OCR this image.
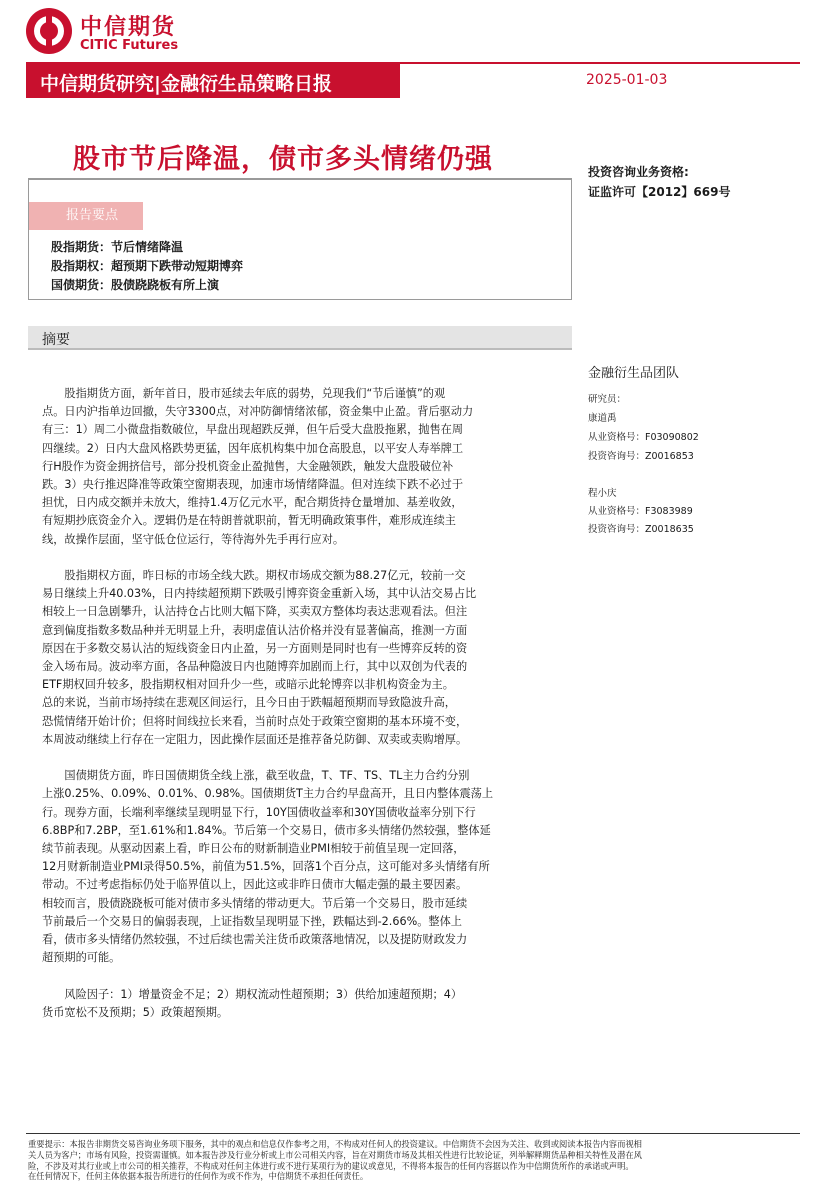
中信期货
CITIC Futures
中信期货研究|金融衍生品策略日报	2025-01-03
股市节后降温，债市多头情绪仍强	投资咨询业务资格:
证监许可【2012】669号
报告要点
股指期货：节后情绪降温
股指期权：超预期下跌带动短期博弈
国债期货：股债跷跷板有所上演
摘要
金融衍生品团队
研究员：
康道禹
从业资格号：F03090802
投资咨询号：Z0016853
程小庆
从业资格号：F3083989
投资咨询号：Z0018635
　　股指期货方面，新年首日，股市延续去年底的弱势，兑现我们“节后谨慎”的观
点。日内沪指单边回撤，失守3300点，对冲防御情绪浓郁，资金集中止盈。背后驱动力
有三：1）周二小微盘指数破位，早盘出现超跌反弹，但午后受大盘股拖累，抛售在周
四继续。2）日内大盘风格跌势更猛，因年底机构集中加仓高股息，以平安人寿举牌工
行H股作为资金拥挤信号，部分投机资金止盈抛售，大金融领跌，触发大盘股破位补
跌。3）央行推迟降准等政策空窗期表现，加速市场情绪降温。但对连续下跌不必过于
担忧，日内成交额并未放大，维持1.4万亿元水平，配合期货持仓量增加、基差收敛，
有短期抄底资金介入。逻辑仍是在特朗普就职前，暂无明确政策事件，难形成连续主
线，故操作层面，坚守低仓位运行，等待海外先手再行应对。
　　股指期权方面，昨日标的市场全线大跌。期权市场成交额为88.27亿元，较前一交
易日继续上升40.03%，日内持续超预期下跌吸引博弈资金重新入场，其中认沽交易占比
相较上一日急剧攀升，认沽持仓占比则大幅下降，买卖双方整体均表达悲观看法。但注
意到偏度指数多数品种并无明显上升，表明虚值认沽价格并没有显著偏高，推测一方面
原因在于多数交易认沽的短线资金日内止盈，另一方面则是同时也有一些博弈反转的资
金入场布局。波动率方面，各品种隐波日内也随博弈加剧而上行，其中以双创为代表的
ETF期权回升较多，股指期权相对回升少一些，或暗示此轮博弈以非机构资金为主。
总的来说，当前市场持续在悲观区间运行，且今日由于跌幅超预期而导致隐波升高，
恐慌情绪开始计价；但将时间线拉长来看，当前时点处于政策空窗期的基本环境不变，
本周波动继续上行存在一定阻力，因此操作层面还是推荐备兑防御、双卖或卖购增厚。
　　国债期货方面，昨日国债期货全线上涨，截至收盘，T、TF、TS、TL主力合约分别
上涨0.25%、0.09%、0.01%、0.98%。国债期货T主力合约早盘高开，且日内整体震荡上
行。现券方面，长端利率继续呈现明显下行，10Y国债收益率和30Y国债收益率分别下行
6.8BP和7.2BP，至1.61%和1.84%。节后第一个交易日，债市多头情绪仍然较强，整体延
续节前表现。从驱动因素上看，昨日公布的财新制造业PMI相较于前值呈现一定回落，
12月财新制造业PMI录得50.5%，前值为51.5%，回落1个百分点，这可能对多头情绪有所
带动。不过考虑指标仍处于临界值以上，因此这或非昨日债市大幅走强的最主要因素。
相较而言，股债跷跷板可能对债市多头情绪的带动更大。节后第一个交易日，股市延续
节前最后一个交易日的偏弱表现，上证指数呈现明显下挫，跌幅达到-2.66%。整体上
看，债市多头情绪仍然较强，不过后续也需关注货币政策落地情况，以及提防财政发力
超预期的可能。
　　风险因子：1）增量资金不足；2）期权流动性超预期；3）供给加速超预期；4）
货币宽松不及预期；5）政策超预期。
重要提示：本报告非期货交易咨询业务项下服务，其中的观点和信息仅作参考之用，不构成对任何人的投资建议。中信期货不会因为关注、收到或阅读本报告内容而视相
关人员为客户；市场有风险，投资需谨慎。如本报告涉及行业分析或上市公司相关内容，旨在对期货市场及其相关性进行比较论证，列举解释期货品种相关特性及潜在风
险，不涉及对其行业或上市公司的相关推荐，不构成对任何主体进行或不进行某项行为的建议或意见，不得将本报告的任何内容据以作为中信期货所作的承诺或声明。
在任何情况下，任何主体依据本报告所进行的任何作为或不作为，中信期货不承担任何责任。
